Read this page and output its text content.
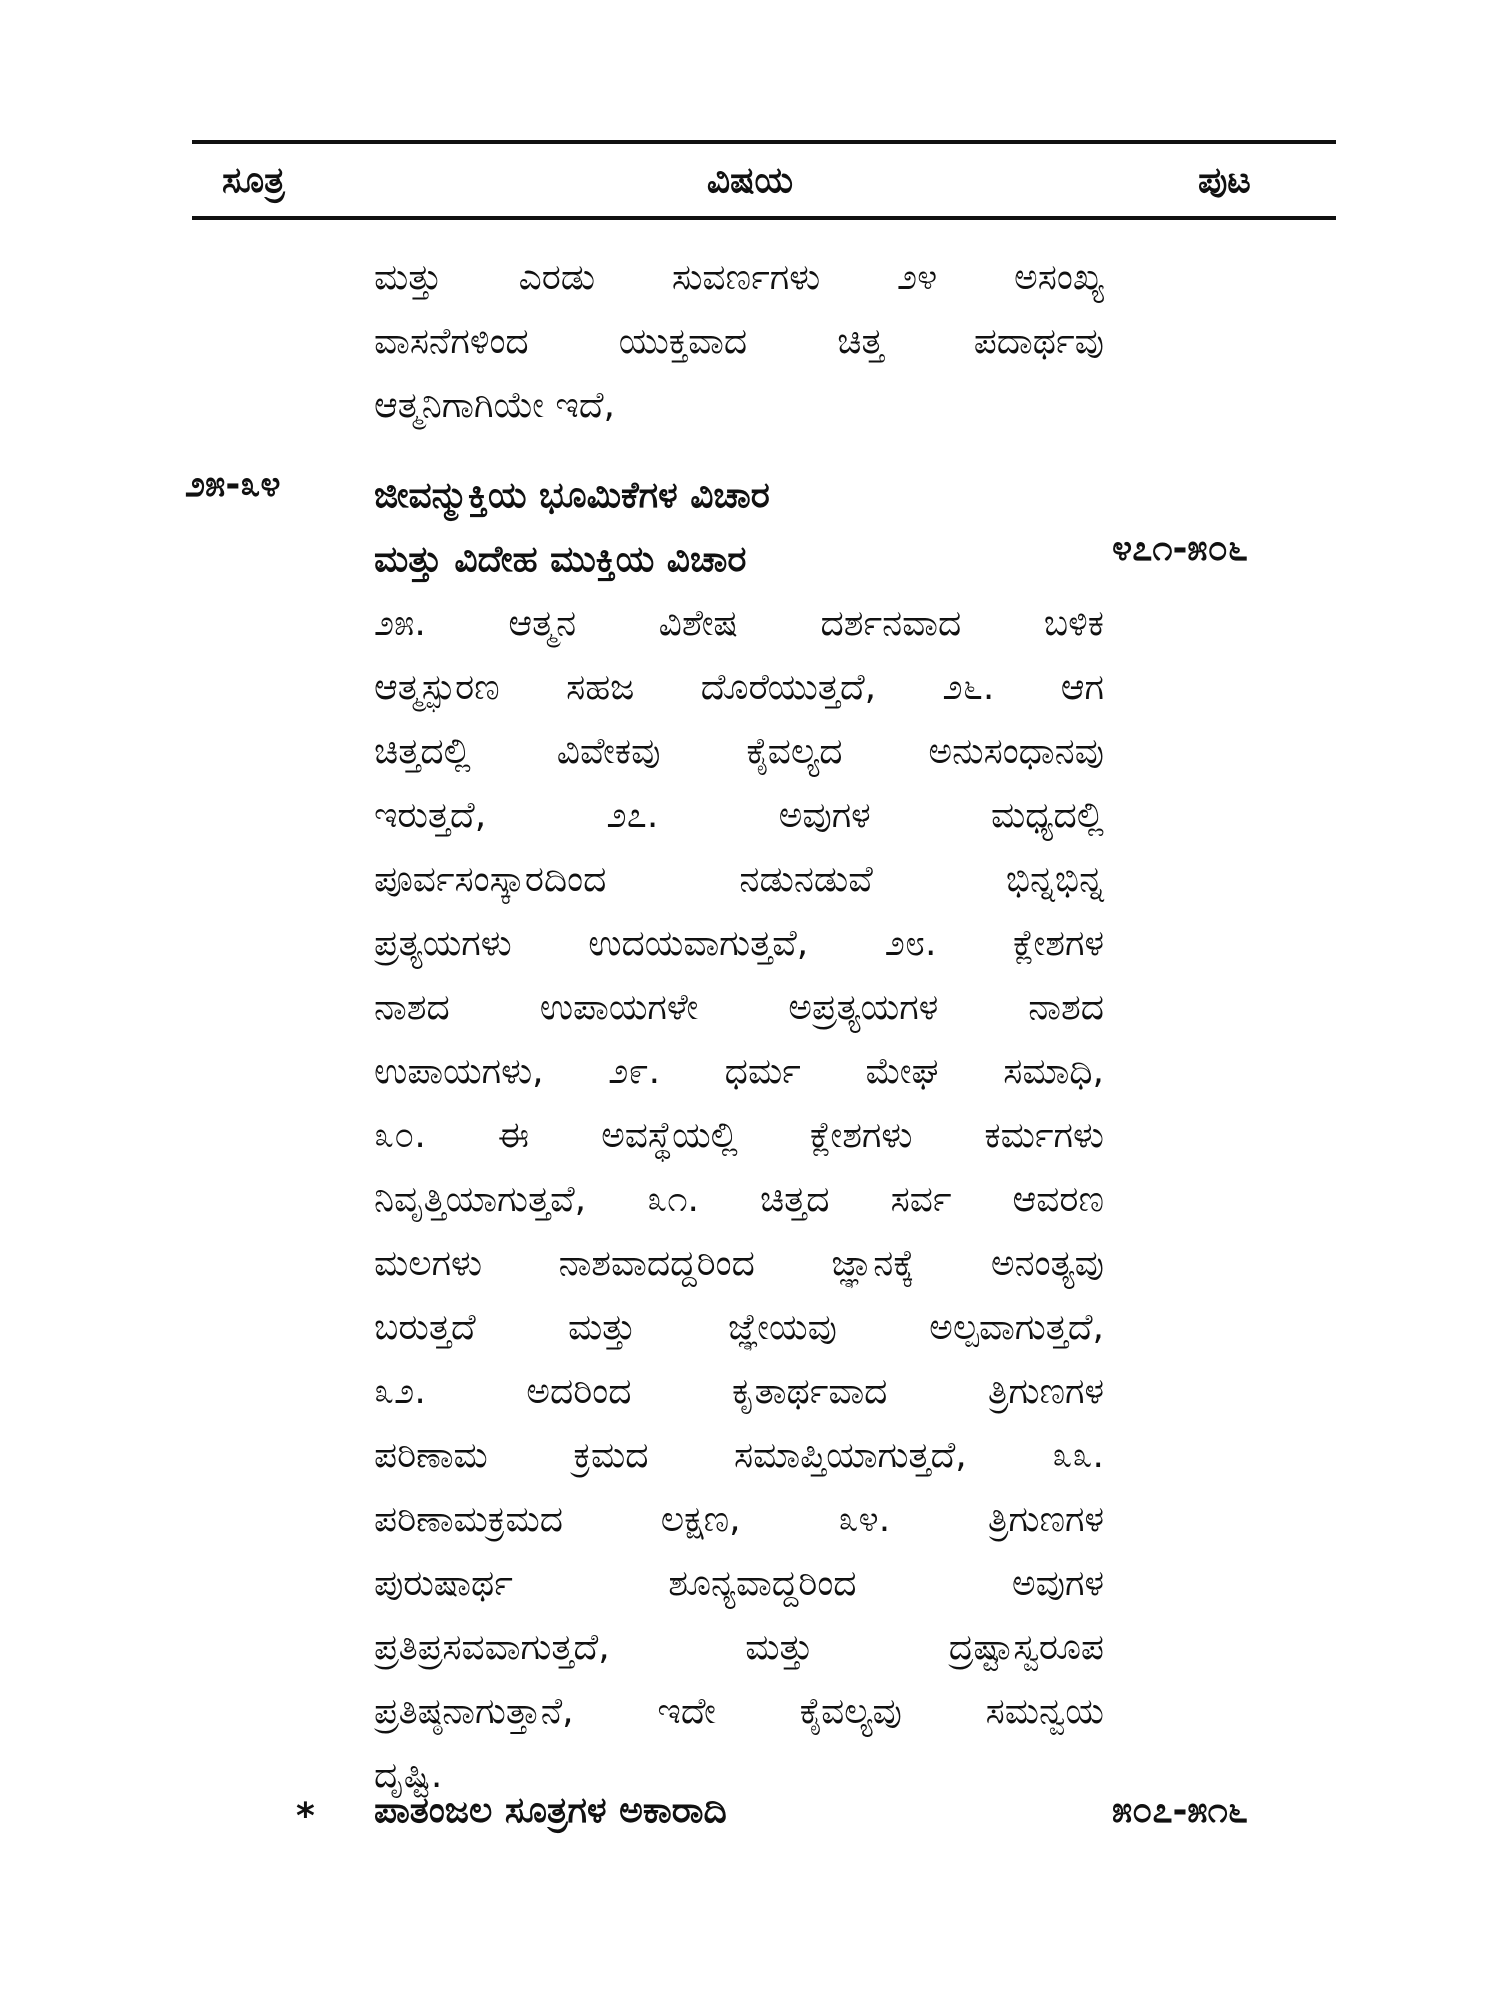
ಸೂತ್ರ	ವಿಷಯ	ಪುಟ
ಮತ್ತು ಎರಡು ಸುವರ್ಣಗಳು ೨೪ ಅಸಂಖ್ಯ
ವಾಸನೆಗಳಿಂದ ಯುಕ್ತವಾದ ಚಿತ್ತ ಪದಾರ್ಥವು
ಆತ್ಮನಿಗಾಗಿಯೇ ಇದೆ,
೨೫-೩೪	ಜೀವನ್ಮುಕ್ತಿಯ ಭೂಮಿಕೆಗಳ ವಿಚಾರ
ಮತ್ತು ವಿದೇಹ ಮುಕ್ತಿಯ ವಿಚಾರ	೪೭೧-೫೦೬
೨೫. ಆತ್ಮನ ವಿಶೇಷ ದರ್ಶನವಾದ ಬಳಿಕ
ಆತ್ಮಸ್ಫುರಣ ಸಹಜ ದೊರೆಯುತ್ತದೆ, ೨೬. ಆಗ
ಚಿತ್ತದಲ್ಲಿ ವಿವೇಕವು ಕೈವಲ್ಯದ ಅನುಸಂಧಾನವು
ಇರುತ್ತದೆ, ೨೭. ಅವುಗಳ ಮಧ್ಯದಲ್ಲಿ
ಪೂರ್ವಸಂಸ್ಕಾರದಿಂದ ನಡುನಡುವೆ ಭಿನ್ನಭಿನ್ನ
ಪ್ರತ್ಯಯಗಳು ಉದಯವಾಗುತ್ತವೆ, ೨೮. ಕ್ಲೇಶಗಳ
ನಾಶದ ಉಪಾಯಗಳೇ ಅಪ್ರತ್ಯಯಗಳ ನಾಶದ
ಉಪಾಯಗಳು, ೨೯. ಧರ್ಮ ಮೇಘ ಸಮಾಧಿ,
೩೦. ಈ ಅವಸ್ಥೆಯಲ್ಲಿ ಕ್ಲೇಶಗಳು ಕರ್ಮಗಳು
ನಿವೃತ್ತಿಯಾಗುತ್ತವೆ, ೩೧. ಚಿತ್ತದ ಸರ್ವ ಆವರಣ
ಮಲಗಳು ನಾಶವಾದದ್ದರಿಂದ ಜ್ಞಾನಕ್ಕೆ ಅನಂತ್ಯವು
ಬರುತ್ತದೆ ಮತ್ತು ಜ್ಞೇಯವು ಅಲ್ಪವಾಗುತ್ತದೆ,
೩೨. ಅದರಿಂದ ಕೃತಾರ್ಥವಾದ ತ್ರಿಗುಣಗಳ
ಪರಿಣಾಮ ಕ್ರಮದ ಸಮಾಪ್ತಿಯಾಗುತ್ತದೆ, ೩೩.
ಪರಿಣಾಮಕ್ರಮದ ಲಕ್ಷಣ, ೩೪. ತ್ರಿಗುಣಗಳ
ಪುರುಷಾರ್ಥ ಶೂನ್ಯವಾದ್ದರಿಂದ ಅವುಗಳ
ಪ್ರತಿಪ್ರಸವವಾಗುತ್ತದೆ, ಮತ್ತು ದ್ರಷ್ಟಾಸ್ವರೂಪ
ಪ್ರತಿಷ್ಠನಾಗುತ್ತಾನೆ, ಇದೇ ಕೈವಲ್ಯವು ಸಮನ್ವಯ
ದೃಷ್ಟಿ.
* ಪಾತಂಜಲ ಸೂತ್ರಗಳ ಅಕಾರಾದಿ	೫೦೭-೫೧೬
